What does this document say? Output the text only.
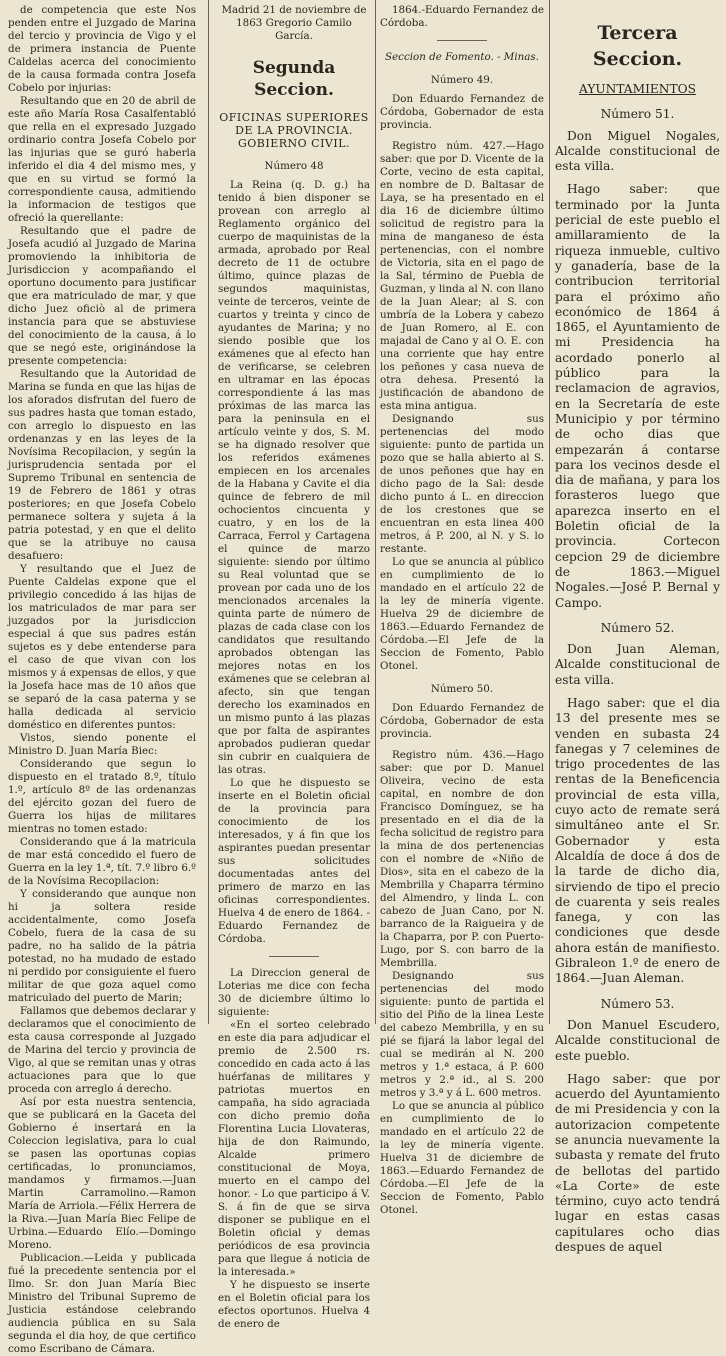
de competencia que este Nos penden entre el Juzgado de Marina del tercio y provincia de Vigo y el de primera instancia de Puente Caldelas acerca del conocimiento de la causa formada contra Josefa Cobelo por injurias:

Resultando que en 20 de abril de este año María Rosa Casalfentabló que rella en el expresado Juzgado ordinario contra Josefa Cobelo por las injurias que se guró haberla inferido el dia 4 del mismo mes, y que en su virtud se formó la correspondiente causa, admitiendo la informacion de testigos que ofreció la querellante:

Resultando que el padre de Josefa acudió al Juzgado de Marina promoviendo la inhibitoria de Jurisdiccion y acompañando el oportuno documento para justificar que era matriculado de mar, y que dicho Juez oficiò al de primera instancia para que se abstuviese del conocimiento de la causa, á lo que se negó este, originándose la presente competencia:

Resultando que la Autoridad de Marina se funda en que las hijas de los aforados disfrutan del fuero de sus padres hasta que toman estado, con arreglo lo dispuesto en las ordenanzas y en las leyes de la Novísima Recopilacion, y según la jurisprudencia sentada por el Supremo Tribunal en sentencia de 19 de Febrero de 1861 y otras posteriores; en que Josefa Cobelo permanece soltera y sujeta á la patria potestad, y en que el delito que se la atribuye no causa desafuero:

Y resultando que el Juez de Puente Caldelas expone que el privilegio concedido á las hijas de los matriculados de mar para ser juzgados por la jurisdiccion especial á que sus padres están sujetos es y debe entenderse para el caso de que vivan con los mismos y á expensas de ellos, y que la Josefa hace mas de 10 años que se separó de la casa paterna y se halla dedicada al servicio doméstico en diferentes puntos:

Vistos, siendo ponente el Ministro D. Juan María Biec:

Considerando que segun lo dispuesto en el tratado 8.º, título 1.º, artículo 8º de las ordenanzas del ejército gozan del fuero de Guerra los hijas de militares mientras no tomen estado:

Considerando que á la matricula de mar está concedido el fuero de Guerra en la ley 1.ª, tít. 7.º libro 6.º de la Novísima Recopilacion:

Y considerando que aunque non hi ja soltera reside accidentalmente, como Josefa Cobelo, fuera de la casa de su padre, no ha salido de la pátria potestad, no ha mudado de estado ni perdido por consiguiente el fuero militar de que goza aquel como matriculado del puerto de Marin;

Fallamos que debemos declarar y declaramos que el conocimiento de esta causa corresponde al Juzgado de Marina del tercio y provincia de Vigo, al que se remitan unas y otras actuaciones para que lo que proceda con arreglo á derecho.

Así por esta nuestra sentencia, que se publicará en la Gaceta del Gobierno é insertará en la Coleccion legislativa, para lo cual se pasen las oportunas copias certificadas, lo pronunciamos, mandamos y firmamos.—Juan Martin Carramolino.—Ramon María de Arriola.—Félix Herrera de la Riva.—Juan María Biec Felipe de Urbina.—Eduardo Elío.—Domingo Moreno.

Publicacion.—Leida y publicada fué la precedente sentencia por el Ilmo. Sr. don Juan María Biec Ministro del Tribunal Supremo de Justicia estándose celebrando audiencia pública en su Sala segunda el dia hoy, de que certifico como Escribano de Cámara.

Madrid 21 de noviembre de 1863 Gregorio Camilo García.

Segunda Seccion.

OFICINAS SUPERIORES DE LA PROVINCIA.

GOBIERNO CIVIL.

Número 48

La Reina (q. D. g.) ha tenido á bien disponer se provean con arreglo al Reglamento orgánico del cuerpo de maquinistas de la armada, aprobado por Real decreto de 11 de octubre último, quince plazas de segundos maquinistas, veinte de terceros, veinte de cuartos y treinta y cinco de ayudantes de Marina; y no siendo posible que los exámenes que al efecto han de verificarse, se celebren en ultramar en las épocas correspondiente á las mas próximas de las marca las para la peninsula en el artículo veinte y dos, S. M. se ha dignado resolver que los referidos exámenes empiecen en los arcenales de la Habana y Cavite el dia quince de febrero de mil ochocientos cincuenta y cuatro, y en los de la Carraca, Ferrol y Cartagena el quince de marzo siguiente: siendo por último su Real voluntad que se provean por cada uno de los mencionados arcenales la quinta parte de número de plazas de cada clase con los candidatos que resultando aprobados obtengan las mejores notas en los exámenes que se celebran al afecto, sin que tengan derecho los examinados en un mismo punto á las plazas que por falta de aspirantes aprobados pudieran quedar sin cubrir en cualquiera de las otras.

Lo que he dispuesto se inserte en el Boletin oficial de la provincia para conocimiento de los interesados, y á fin que los aspirantes puedan presentar sus solicitudes documentadas antes del primero de marzo en las oficinas correspondientes. Huelva 4 de enero de 1864. - Eduardo Fernandez de Córdoba.

La Direccion general de Loterias me dice con fecha 30 de diciembre último lo siguiente:

«En el sorteo celebrado en este dia para adjudicar el premio de 2.500 rs. concedido en cada acto á las huérfanas de militares y patriotas muertos en campaña, ha sido agraciada con dicho premio doña Florentina Lucia Llovateras, hija de don Raimundo, Alcalde primero constitucional de Moya, muerto en el campo del honor. - Lo que participo á V. S. á fin de que se sirva disponer se publique en el Boletin oficial y demas periódicos de esa provincia para que llegue á noticia de la interesada.»

Y he dispuesto se inserte en el Boletin oficial para los efectos oportunos. Huelva 4 de enero de

1864.-Eduardo Fernandez de Córdoba.

Seccion de Fomento. - Minas.

Número 49.

Don Eduardo Fernandez de Córdoba, Gobernador de esta provincia.

Registro núm. 427.—Hago saber: que por D. Vicente de la Corte, vecino de esta capital, en nombre de D. Baltasar de Laya, se ha presentado en el dia 16 de diciembre último solicitud de registro para la mina de manganeso de ésta pertenencias, con el nombre de Victoria, sita en el pago de la Sal, término de Puebla de Guzman, y linda al N. con llano de la Juan Alear; al S. con umbría de la Lobera y cabezo de Juan Romero, al E. con majadal de Cano y al O. E. con una corriente que hay entre los peñones y casa nueva de otra dehesa. Presentó la justificación de abandono de esta mina antigua.

Designando sus pertenencias del modo siguiente: punto de partida un pozo que se halla abierto al S. de unos peñones que hay en dicho pago de la Sal: desde dicho punto á L. en direccion de los crestones que se encuentran en esta linea 400 metros, á P. 200, al N. y S. lo restante.

Lo que se anuncia al público en cumplimiento de lo mandado en el artículo 22 de la ley de minería vigente. Huelva 29 de diciembre de 1863.—Eduardo Fernandez de Córdoba.—El Jefe de la Seccion de Fomento, Pablo Otonel.

Número 50.

Don Eduardo Fernandez de Córdoba, Gobernador de esta provincia.

Registro núm. 436.—Hago saber: que por D. Manuel Oliveira, vecino de esta capital, en nombre de don Francisco Domínguez, se ha presentado en el dia de la fecha solicitud de registro para la mina de dos pertenencias con el nombre de «Niño de Dios», sita en el cabezo de la Membrilla y Chaparra término del Almendro, y linda L. con cabezo de Juan Cano, por N. barranco de la Raigueira y de la Chaparra, por P. con Puerto-Lugo, por S. con barro de la Membrilla.

Designando sus pertenencias del modo siguiente: punto de partida el sitio del Piño de la linea Leste del cabezo Membrilla, y en su pié se fijará la labor legal del cual se medirán al N. 200 metros y 1.ª estaca, á P. 600 metros y 2.ª id., al S. 200 metros y 3.ª y á L. 600 metros.

Lo que se anuncia al público en cumplimiento de lo mandado en el artículo 22 de la ley de minería vigente. Huelva 31 de diciembre de 1863.—Eduardo Fernandez de Córdoba.—El Jefe de la Seccion de Fomento, Pablo Otonel.

Tercera Seccion.

AYUNTAMIENTOS

Número 51.

Don Miguel Nogales, Alcalde constitucional de esta villa.

Hago saber: que terminado por la Junta pericial de este pueblo el amillaramiento de la riqueza inmueble, cultivo y ganadería, base de la contribucion territorial para el próximo año económico de 1864 á 1865, el Ayuntamiento de mi Presidencia ha acordado ponerlo al público para la reclamacion de agravios, en la Secretaría de este Municipio y por término de ocho dias que empezarán á contarse para los vecinos desde el dia de mañana, y para los forasteros luego que aparezca inserto en el Boletin oficial de la provincia. Cortecon cepcion 29 de diciembre de 1863.—Miguel Nogales.—José P. Bernal y Campo.

Número 52.

Don Juan Aleman, Alcalde constitucional de esta villa.

Hago saber: que el dia 13 del presente mes se venden en subasta 24 fanegas y 7 celemines de trigo procedentes de las rentas de la Beneficencia provincial de esta villa, cuyo acto de remate será simultáneo ante el Sr. Gobernador y esta Alcaldía de doce á dos de la tarde de dicho dia, sirviendo de tipo el precio de cuarenta y seis reales fanega, y con las condiciones que desde ahora están de manifiesto. Gibraleon 1.º de enero de 1864.—Juan Aleman.

Número 53.

Don Manuel Escudero, Alcalde constitucional de este pueblo.

Hago saber: que por acuerdo del Ayuntamiento de mi Presidencia y con la autorizacion competente se anuncia nuevamente la subasta y remate del fruto de bellotas del partido «La Corte» de este término, cuyo acto tendrá lugar en estas casas capitulares ocho dias despues de aquel
